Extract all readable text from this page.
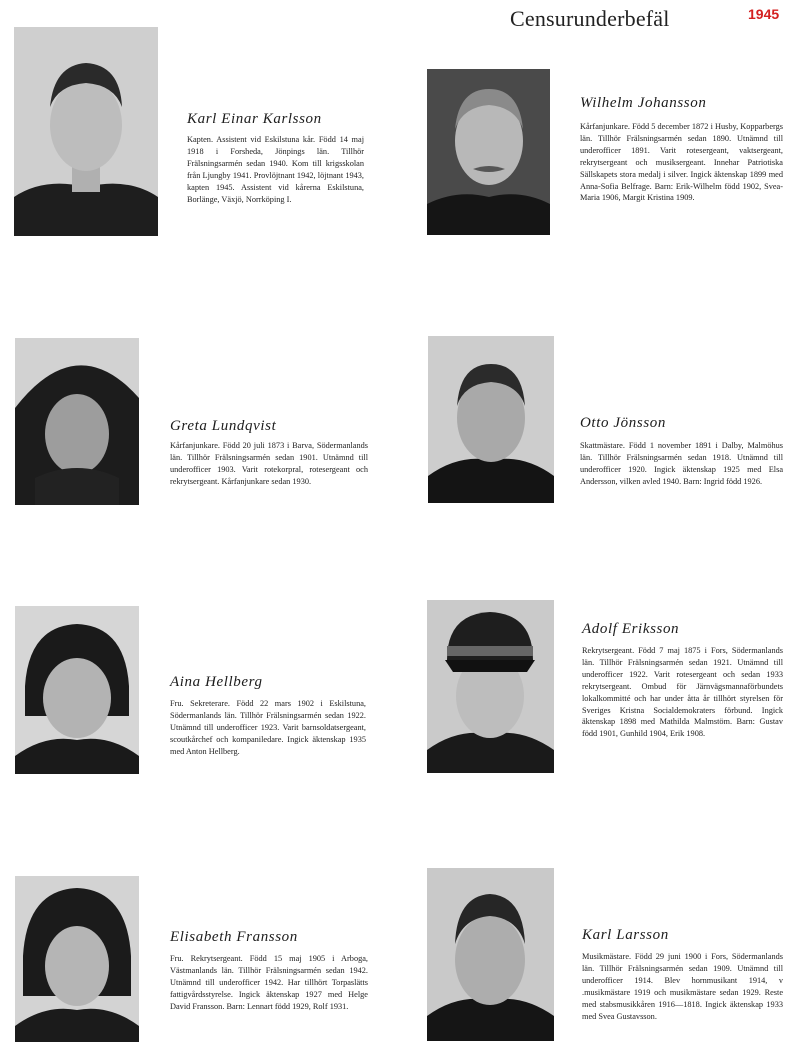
Censurunderbefäl	1945
Karl Einar Karlsson
Kapten. Assistent vid Eskilstuna kår. Född 14 maj 1918 i Forsheda, Jönpings län. Tillhör Frälsningsarmén sedan 1940. Kom till krigsskolan från Ljungby 1941. Provlöjtnant 1942, löjtnant 1943, kapten 1945. Assistent vid kårerna Eskilstuna, Borlänge, Växjö, Norrköping I.
Wilhelm Johansson
Kårfanjunkare. Född 5 december 1872 i Husby, Kopparbergs län. Tillhör Frälsningsarmén sedan 1890. Utnämnd till underofficer 1891. Varit rotesergeant, vaktsergeant, rekrytsergeant och musiksergeant. Innehar Patriotiska Sällskapets stora medalj i silver. Ingick äktenskap 1899 med Anna-Sofia Belfrage. Barn: Erik-Wilhelm född 1902, Svea-Maria 1906, Margit Kristina 1909.
Greta Lundqvist
Kårfanjunkare. Född 20 juli 1873 i Barva, Södermanlands län. Tillhör Frälsningsarmén sedan 1901. Utnämnd till underofficer 1903. Varit rotekorpral, rotesergeant och rekrytsergeant. Kårfanjunkare sedan 1930.
Otto Jönsson
Skattmästare. Född 1 november 1891 i Dalby, Malmöhus län. Tillhör Frälsningsarmén sedan 1918. Utnämnd till underofficer 1920. Ingick äktenskap 1925 med Elsa Andersson, vilken avled 1940. Barn: Ingrid född 1926.
Aina Hellberg
Fru. Sekreterare. Född 22 mars 1902 i Eskilstuna, Södermanlands län. Tillhör Frälsningsarmén sedan 1922. Utnämnd till underofficer 1923. Varit barnsoldatsergeant, scoutkårchef och kompaniledare. Ingick äktenskap 1935 med Anton Hellberg.
Adolf Eriksson
Rekrytsergeant. Född 7 maj 1875 i Fors, Södermanlands län. Tillhör Frälsningsarmén sedan 1921. Utnämnd till underofficer 1922. Varit rotesergeant och sedan 1933 rekrytsergeant. Ombud för Järnvägsmannaförbundets lokalkommitté och har under åtta år tillhört styrelsen för Sveriges Kristna Socialdemokraters förbund. Ingick äktenskap 1898 med Mathilda Malmstöm. Barn: Gustav född 1901, Gunhild 1904, Erik 1908.
Elisabeth Fransson
Fru. Rekrytsergeant. Född 15 maj 1905 i Arboga, Västmanlands län. Tillhör Frälsningsarmén sedan 1942. Utnämnd till underofficer 1942. Har tillhört Torpaslätts fattigvårdsstyrelse. Ingick äktenskap 1927 med Helge David Fransson. Barn: Lennart född 1929, Rolf 1931.
Karl Larsson
Musikmästare. Född 29 juni 1900 i Fors, Södermanlands län. Tillhör Frälsningsarmén sedan 1909. Utnämnd till underofficer 1914. Blev hornmusikant 1914, v .musikmästare 1919 och musikmästare sedan 1929. Reste med stabsmusikkåren 1916—1818. Ingick äktenskap 1933 med Svea Gustavsson.
